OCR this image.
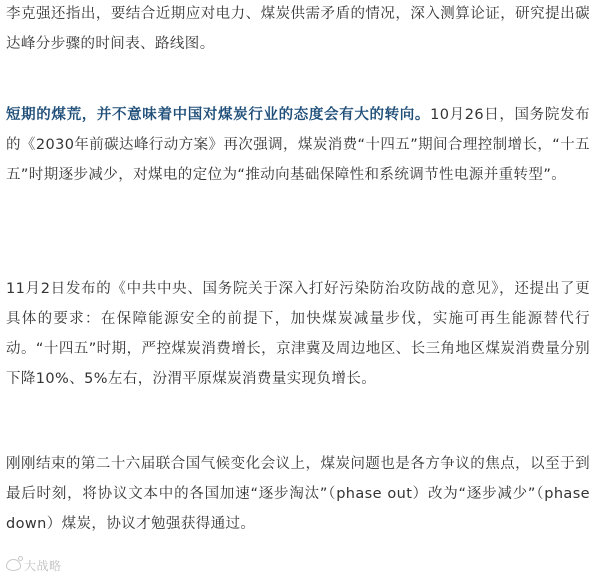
李克强还指出，要结合近期应对电力、煤炭供需矛盾的情况，深入测算论证，研究提出碳达峰分步骤的时间表、路线图。

短期的煤荒，并不意味着中国对煤炭行业的态度会有大的转向。10月26日，国务院发布的《2030年前碳达峰行动方案》再次强调，煤炭消费“十四五”期间合理控制增长，“十五五”时期逐步减少，对煤电的定位为“推动向基础保障性和系统调节性电源并重转型”。

11月2日发布的《中共中央、国务院关于深入打好污染防治攻防战的意见》，还提出了更具体的要求：在保障能源安全的前提下，加快煤炭减量步伐，实施可再生能源替代行动。“十四五”时期，严控煤炭消费增长，京津冀及周边地区、长三角地区煤炭消费量分别下降10%、5%左右，汾渭平原煤炭消费量实现负增长。

刚刚结束的第二十六届联合国气候变化会议上，煤炭问题也是各方争议的焦点，以至于到最后时刻，将协议文本中的各国加速“逐步淘汰”（phase out）改为“逐步减少”（phase down）煤炭，协议才勉强获得通过。

大战略
